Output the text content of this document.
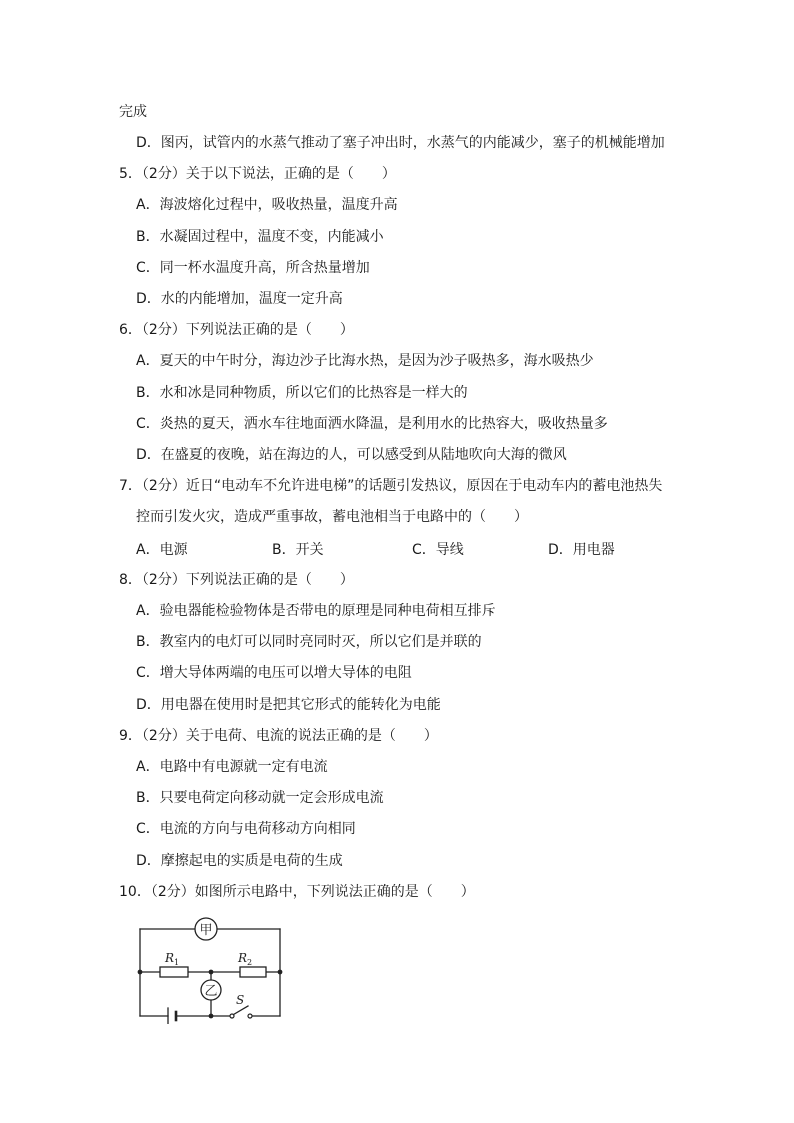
完成
D．图丙，试管内的水蒸气推动了塞子冲出时，水蒸气的内能减少，塞子的机械能增加
5．（2分）关于以下说法，正确的是（　　）
A．海波熔化过程中，吸收热量，温度升高
B．水凝固过程中，温度不变，内能减小
C．同一杯水温度升高，所含热量增加
D．水的内能增加，温度一定升高
6．（2分）下列说法正确的是（　　）
A．夏天的中午时分，海边沙子比海水热，是因为沙子吸热多，海水吸热少
B．水和冰是同种物质，所以它们的比热容是一样大的
C．炎热的夏天，洒水车往地面洒水降温，是利用水的比热容大，吸收热量多
D．在盛夏的夜晚，站在海边的人，可以感受到从陆地吹向大海的微风
7．（2分）近日“电动车不允许进电梯”的话题引发热议，原因在于电动车内的蓄电池热失
控而引发火灾，造成严重事故，蓄电池相当于电路中的（　　）
A．电源	B．开关	C．导线	D．用电器
8．（2分）下列说法正确的是（　　）
A．验电器能检验物体是否带电的原理是同种电荷相互排斥
B．教室内的电灯可以同时亮同时灭，所以它们是并联的
C．增大导体两端的电压可以增大导体的电阻
D．用电器在使用时是把其它形式的能转化为电能
9．（2分）关于电荷、电流的说法正确的是（　　）
A．电路中有电源就一定有电流
B．只要电荷定向移动就一定会形成电流
C．电流的方向与电荷移动方向相同
D．摩擦起电的实质是电荷的生成
10．（2分）如图所示电路中，下列说法正确的是（　　）
甲
$R_1$	$R_2$
乙
S
